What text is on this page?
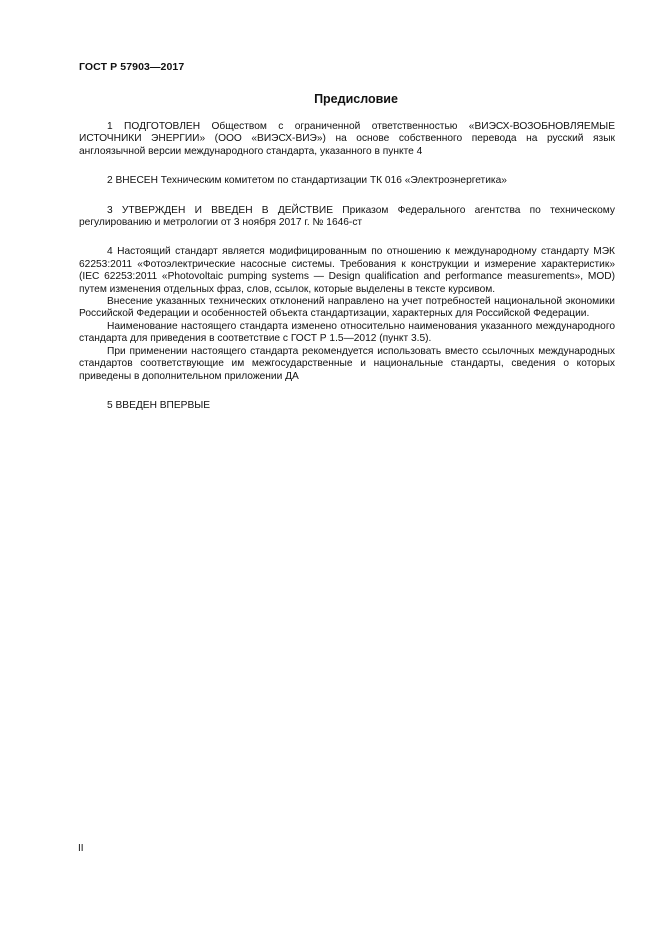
ГОСТ Р 57903—2017
Предисловие

1 ПОДГОТОВЛЕН Обществом с ограниченной ответственностью «ВИЭСХ-ВОЗОБНОВЛЯЕМЫЕ ИСТОЧНИКИ ЭНЕРГИИ» (ООО «ВИЭСХ-ВИЭ») на основе собственного перевода на русский язык англоязычной версии международного стандарта, указанного в пункте 4

2 ВНЕСЕН Техническим комитетом по стандартизации ТК 016 «Электроэнергетика»

3 УТВЕРЖДЕН И ВВЕДЕН В ДЕЙСТВИЕ Приказом Федерального агентства по техническому регулированию и метрологии от 3 ноября 2017 г. № 1646-ст

4 Настоящий стандарт является модифицированным по отношению к международному стандарту МЭК 62253:2011 «Фотоэлектрические насосные системы. Требования к конструкции и измерение характеристик» (IEC 62253:2011 «Photovoltaic pumping systems — Design qualification and performance measurements», MOD) путем изменения отдельных фраз, слов, ссылок, которые выделены в тексте курсивом.

Внесение указанных технических отклонений направлено на учет потребностей национальной экономики Российской Федерации и особенностей объекта стандартизации, характерных для Российской Федерации.

Наименование настоящего стандарта изменено относительно наименования указанного международного стандарта для приведения в соответствие с ГОСТ Р 1.5—2012 (пункт 3.5).

При применении настоящего стандарта рекомендуется использовать вместо ссылочных международных стандартов соответствующие им межгосударственные и национальные стандарты, сведения о которых приведены в дополнительном приложении ДА

5 ВВЕДЕН ВПЕРВЫЕ

II
